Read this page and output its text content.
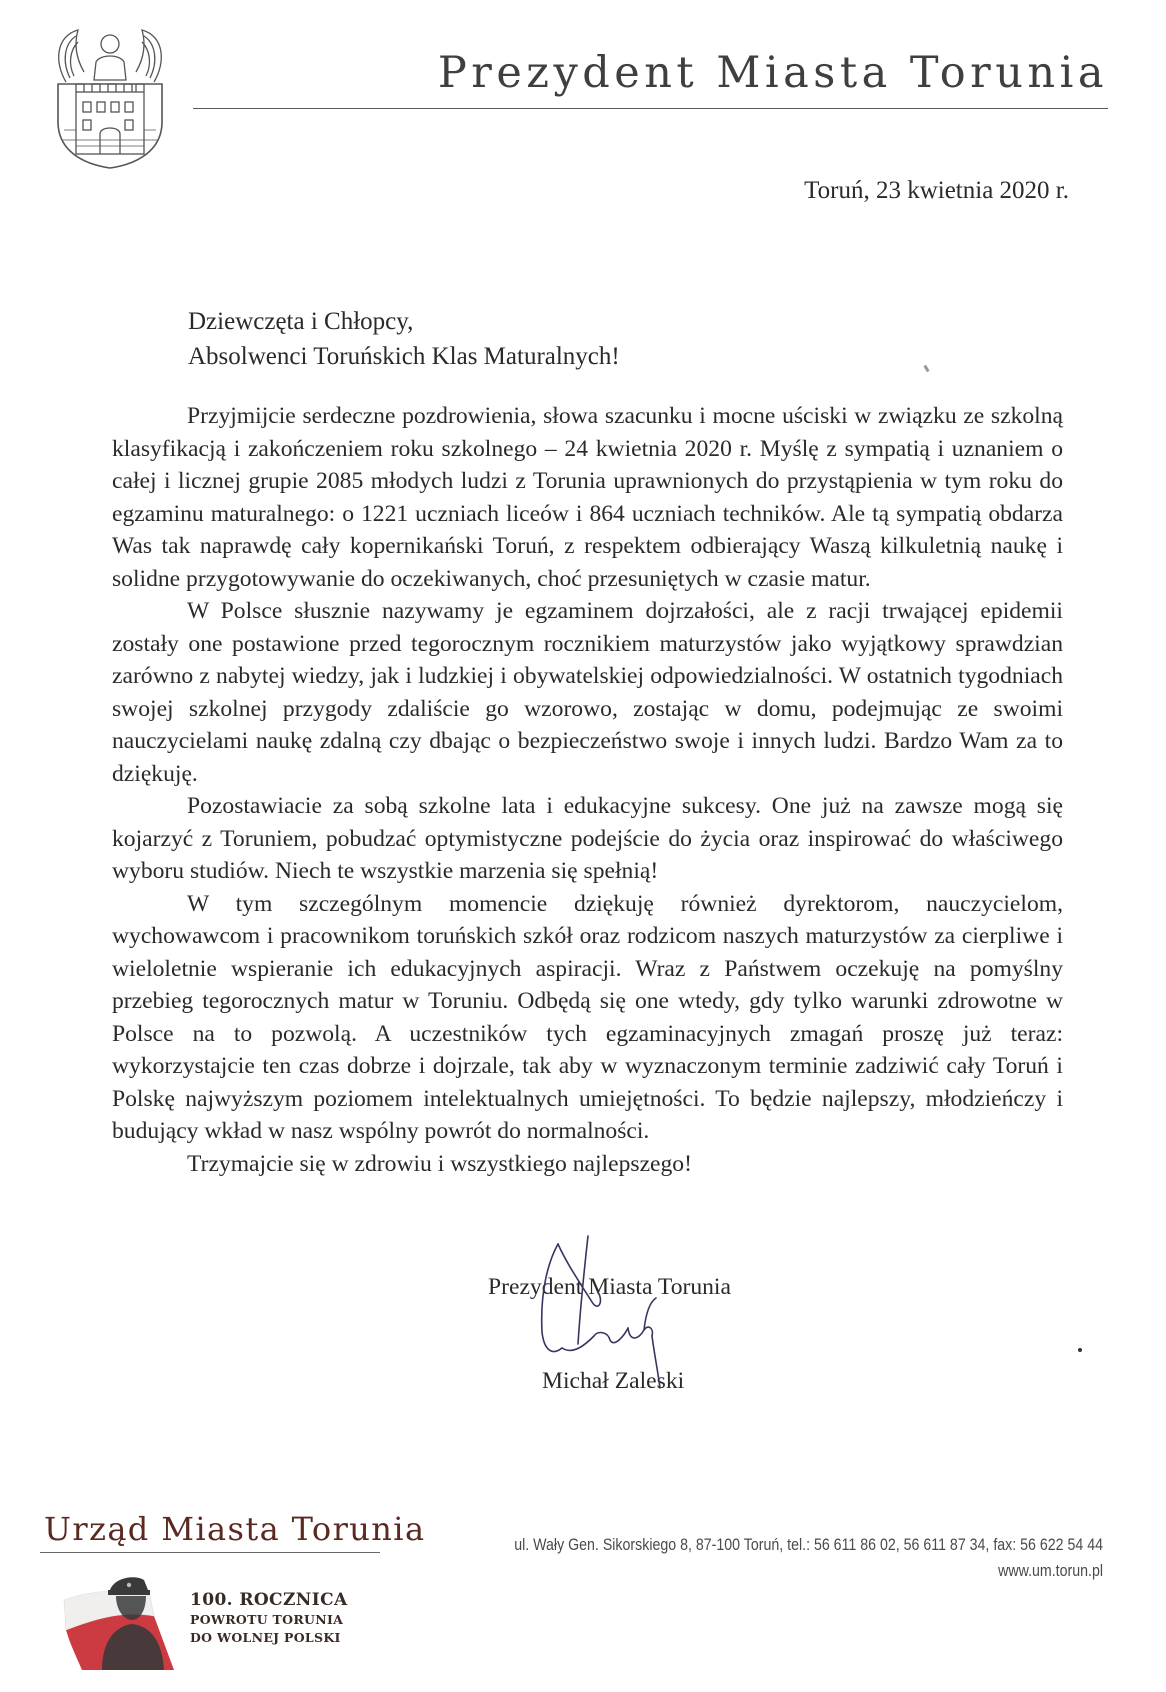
Prezydent Miasta Torunia
Toruń, 23 kwietnia 2020 r.
Dziewczęta i Chłopcy,
Absolwenci Toruńskich Klas Maturalnych!

Przyjmijcie serdeczne pozdrowienia, słowa szacunku i mocne uściski w związku ze szkolną klasyfikacją i zakończeniem roku szkolnego – 24 kwietnia 2020 r. Myślę z sympatią i uznaniem o całej i licznej grupie 2085 młodych ludzi z Torunia uprawnionych do przystąpienia w tym roku do egzaminu maturalnego: o 1221 uczniach liceów i 864 uczniach techników. Ale tą sympatią obdarza Was tak naprawdę cały kopernikański Toruń, z respektem odbierający Waszą kilkuletnią naukę i solidne przygotowywanie do oczekiwanych, choć przesuniętych w czasie matur.

W Polsce słusznie nazywamy je egzaminem dojrzałości, ale z racji trwającej epidemii zostały one postawione przed tegorocznym rocznikiem maturzystów jako wyjątkowy sprawdzian zarówno z nabytej wiedzy, jak i ludzkiej i obywatelskiej odpowiedzialności. W ostatnich tygodniach swojej szkolnej przygody zdaliście go wzorowo, zostając w domu, podejmując ze swoimi nauczycielami naukę zdalną czy dbając o bezpieczeństwo swoje i innych ludzi. Bardzo Wam za to dziękuję.

Pozostawiacie za sobą szkolne lata i edukacyjne sukcesy. One już na zawsze mogą się kojarzyć z Toruniem, pobudzać optymistyczne podejście do życia oraz inspirować do właściwego wyboru studiów. Niech te wszystkie marzenia się spełnią!

W tym szczególnym momencie dziękuję również dyrektorom, nauczycielom, wychowawcom i pracownikom toruńskich szkół oraz rodzicom naszych maturzystów za cierpliwe i wieloletnie wspieranie ich edukacyjnych aspiracji. Wraz z Państwem oczekuję na pomyślny przebieg tegorocznych matur w Toruniu. Odbędą się one wtedy, gdy tylko warunki zdrowotne w Polsce na to pozwolą. A uczestników tych egzaminacyjnych zmagań proszę już teraz: wykorzystajcie ten czas dobrze i dojrzale, tak aby w wyznaczonym terminie zadziwić cały Toruń i Polskę najwyższym poziomem intelektualnych umiejętności. To będzie najlepszy, młodzieńczy i budujący wkład w nasz wspólny powrót do normalności.

Trzymajcie się w zdrowiu i wszystkiego najlepszego!

Prezydent Miasta Torunia
Michał Zaleski
Urząd Miasta Torunia	ul. Wały Gen. Sikorskiego 8, 87-100 Toruń, tel.: 56 611 86 02, 56 611 87 34, fax: 56 622 54 44
www.um.torun.pl
100. ROCZNICA
POWROTU TORUNIA
DO WOLNEJ POLSKI
